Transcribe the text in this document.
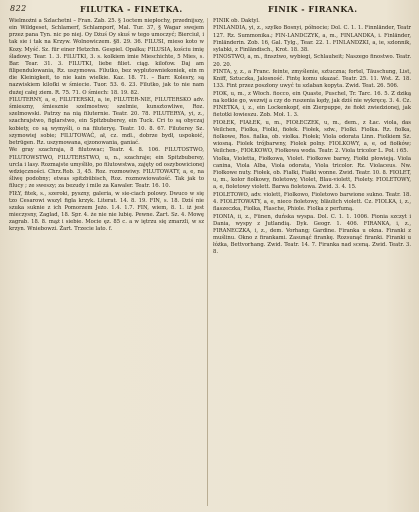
822	FILUTKA - FINETKA.	FINIK - FIRANKA.

Wielmożni a Szlachetni – Fran. Zab. 25. § 1octem niepłochy, przednijszy, ein Wildgeset, Schlamerf, Schlamporf, Mal. Tur. 37, § Wagar swejem przez pana Tyn. nic po niej. Oy Dżuś Oy skuś w tego umoczyć; Bierciuł, i tak sie i tak na Krzyw. Wolnowiczem. §8. 29. 36. FILUSI, mieso koto w Kozy. Myść. Sz. für einer Hetzchn. Gespiel. Opalka; FILUSIA, kościu imię śladowy. Tear. 1. 3. FILUTKI, 3. s. kolkiem imie Mieschichte, 5 Mies, s. Bar. Tear. 31. 3. FILUTKI, liebe filiet. ciąg. kilofow. Daj am filipendulowania, Rz. uszymowa. Filutko, bez wyplutowniekoniek, ein m die Kleinigkeit, to nie kain wielkie. Kaz. 18. 71. – Barr. Kolesry, są nazwiskiem kilofki w śmiecie. Tuor. 53. 6. 23. Filutko, jak to nie nam dużej całej ziem. R. 75. 71. O śmiech: 18. 19. 82.

FILUTERNY, a, e, FILUTERSKI, a, ie, FILUTER-NIE, FILUTERSKO adv. śmieszny, śmiesznie szelmostwo; szelmie, kunsztowliwe, Roz. szelmowski. Patrzy na nią filuternie. Teatr. 20. 78. FILUTERYA, yi, z., szachrajstwo, figlarstwo, ein Spitzbuberey, ein Tuck. Cri to są obyczaj kobiety, co są wymyśli, o na filuteryę. Teatr. 10. 8. 67. Filuterey Sz. szymowiej sobie; FILUTOWAĆ, ał, cz. mdl., dobrze bydł, uspokoić, betrügen. Rz. uszymowana, ejzonowania, ganiać.

We gray szachraja, 8 filutowac; Teatr. 4. 8. 106. FILUTOSTWO, FILUTOWSTWO, FILUTERSTWO, u, n., szachraje; ein Spitzbuberey, urcla i lasy. Rozmajste umyśliło, po filutowstwa, zajęty od oszybowicionej wdzięczności. Chrz.Rob. 3, 45. Roz. rozmowiwy. FILUTOWATY, a, e, na śliwę podobny; etwas spitzbübisch, Roz. rozmowiowatość. Tak jak to filucy ; ze sweszy; za bezudy i mile za Kawaler. Teatr. 16. 10.

FIŁY, fitek, s., szeroki, pyszny, galeria, w sie-ciach polowy. Dwuco w się tzo Cesarowi wszyl figla krzyk. Literat. 14. 8. 19. FIN, s. 18. Dziś nie szuka suknie z ich Pomorzem Jeżo. 1.4. 1.7. FIN, wiem, 8. 1. iż jest mieczysny, Zaglad, 18. Spr. 4. że nie nie lubię. Pewne. Żart. Sz. 4. Mowę zagrab. 18. 8. mąż i siebie. Mocie ęz. 85 c. a w iętrzu się zmarzli, w sz krzyn. Wniebowzi. Żart. Trzecie lato. f.

FINIK ob. Daktyl.

FINLANDIA, yi, z., szylko Bosnyi, północie; Dol. C. 1. 1. Finnländer, Teatr 127. Rz. Summonika.; FIN-LANDCZYK, a, m., FINLANDKA, i. Finländer, Finländerin. Zob. 16, Gal. Tylg., Tear. 22. 1. FINLANDZKI, a, ie, szlonnik, sylabki, z Finländisch., Krot. 18. 38.

FINOSTWO, a, m., finsztwo, wybiegi, Schlauheit; Naszego finostwo. Teatr. 20. 20.

FINTA, y, z., a Franc. feinte, zmyślenie, sztuczna; fortel, Täuschung, List, Kniff, Sztuczka, Jalosność. Fintę komu ukazać. Teatr. 25. 11. Wst. Z. 18. 133. Fint przez poszłony uwyć tu szlaban kopyta. Zwid. Teat. 26. 506.

FIOK, u, m., z Włoch. fiocco, ein Quaste, Puschel, Tr. Tarc. 16. 5. Z dziką na kotkie go, wezwij a czy do ruszenia kędy, jak dziś nie wykręcę. 3. 4. Cz. FINETKA, i, z., ein Lockenkopf, ein Zierpuppe, że fiokt zwiedzionej, jak fietotki łowieszu. Zob. Moł. 1. 3.

FIOŁEK, FIAŁEK, u, m., FIOŁECZEK, u, m., dem., z Łac. viola, das Veilchen, Fiolka, Fiolki, fiołek. Fiołek, sdw., Fiolki. Fiolka. Rz. fiolka, fiolkowe, Ros. fialka, ob. violka. Fiołek; Viola odorata Linn. Fiolkiem Sz. wiosną. Fiolek trójbarwny, Fiolek polny. FIOLKOWY, a, e, od fiołków; Veilchen-, FIOŁKOWO, Fiołkowa woda. Teatr. 2. Viola tricolor L. Poł. i 65.

Violka, Violetta, Fiołkowa, Violet. Fiołkowe barwy, Fiołki płowieją. Viola canina, Viola Alba, Viola odorata, Viola tricolor. Rz. Violaceus. Nw. Fiołkowe nuty. Fiołek, ob. Fiałki, Fiałki wonne. Zwid. Teatr. 10. 8. FIOLET, u, m., kolor fiołkowy, fioletowy, Violet, Blau-violett, Fiolety. FIOLETOWY, a, e, fioletowy violett. Barwa fioletowa. Zwid. 3. 4. 15.

FIOLETOWO, adv. violett, Fiolkowo, Fioletowo barwione sukno. Teatr. 18. 4. FIOLETOWATY, a, e, nieco fioletowy, bläulich violett. Cz. FIOLKA, i, z., flaszeczka, Fiolka, Flasche, Phiole. Fiolka z perfumą.

FIONIA, ii, z., Fünen, duńska wyspa. Dol. C. 1. 1. 1006. Fionia szczyt i Dania, wyspy z Jutlandią. Dyk. Geogr. 1. 406. FIRANKA, i, z., FIRANECZKA, i, z., dem. Vorhang; Gardine. Firanka u okna. Firanki z muślinu. Okno z firankami. Zasunąć firankę. Rozsunąć firanki. Firanki u łóżka, Bettvorhang. Zwid. Teatr. 14. 7. Firanka nad sceną. Zwid. Teatr. 3. 8.
